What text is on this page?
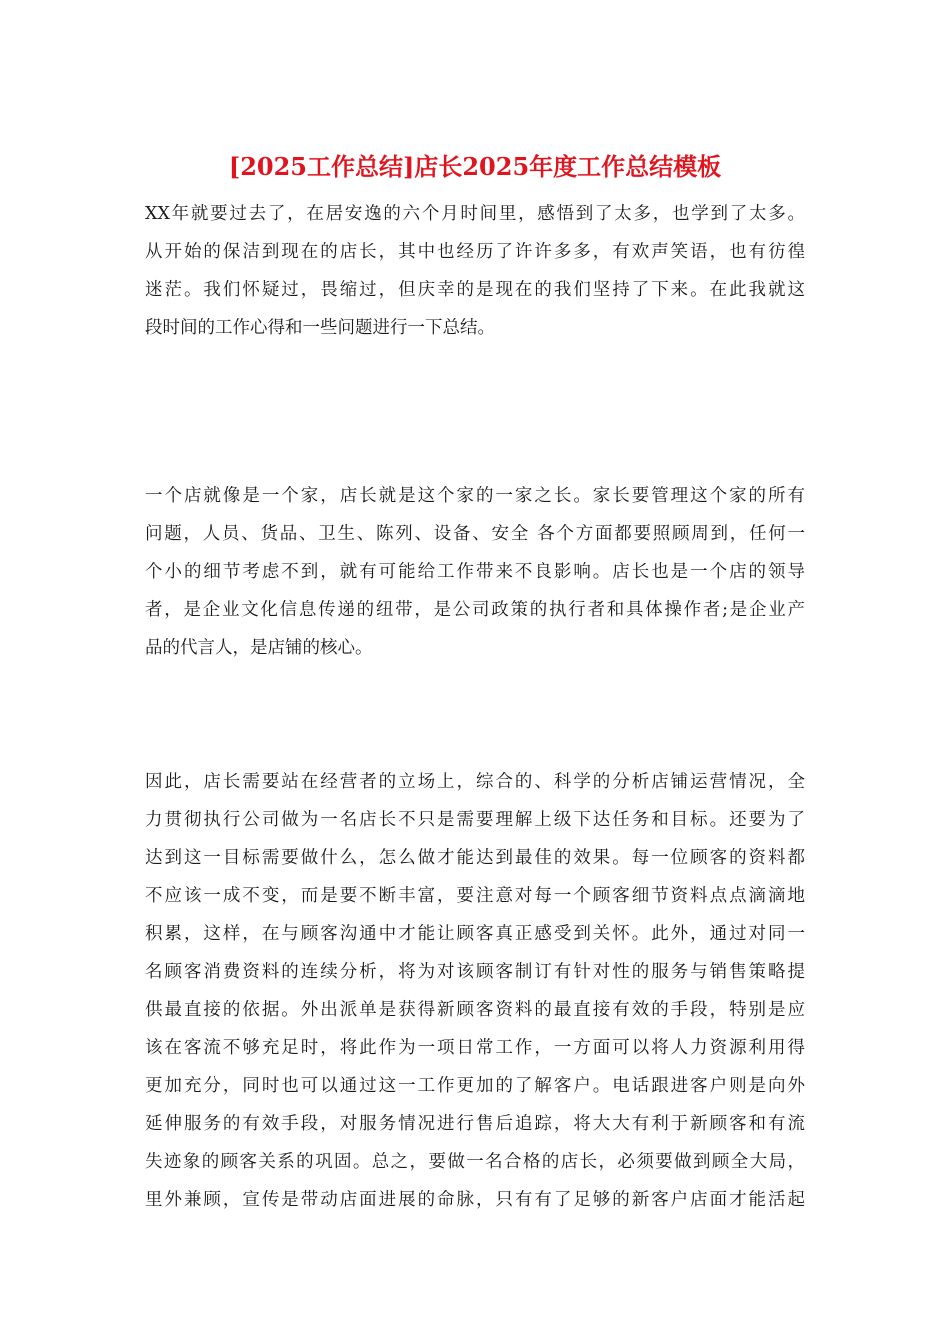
[2025工作总结]店长2025年度工作总结模板
XX年就要过去了，在居安逸的六个月时间里，感悟到了太多，也学到了太多。
从开始的保洁到现在的店长，其中也经历了许许多多，有欢声笑语，也有彷徨
迷茫。我们怀疑过，畏缩过，但庆幸的是现在的我们坚持了下来。在此我就这
段时间的工作心得和一些问题进行一下总结。
一个店就像是一个家，店长就是这个家的一家之长。家长要管理这个家的所有
问题，人员、货品、卫生、陈列、设备、安全 各个方面都要照顾周到，任何一
个小的细节考虑不到，就有可能给工作带来不良影响。店长也是一个店的领导
者，是企业文化信息传递的纽带，是公司政策的执行者和具体操作者;是企业产
品的代言人，是店铺的核心。
因此，店长需要站在经营者的立场上，综合的、科学的分析店铺运营情况，全
力贯彻执行公司做为一名店长不只是需要理解上级下达任务和目标。还要为了
达到这一目标需要做什么，怎么做才能达到最佳的效果。每一位顾客的资料都
不应该一成不变，而是要不断丰富，要注意对每一个顾客细节资料点点滴滴地
积累，这样，在与顾客沟通中才能让顾客真正感受到关怀。此外，通过对同一
名顾客消费资料的连续分析，将为对该顾客制订有针对性的服务与销售策略提
供最直接的依据。外出派单是获得新顾客资料的最直接有效的手段，特别是应
该在客流不够充足时，将此作为一项日常工作，一方面可以将人力资源利用得
更加充分，同时也可以通过这一工作更加的了解客户。电话跟进客户则是向外
延伸服务的有效手段，对服务情况进行售后追踪，将大大有利于新顾客和有流
失迹象的顾客关系的巩固。总之，要做一名合格的店长，必须要做到顾全大局，
里外兼顾，宣传是带动店面进展的命脉，只有有了足够的新客户店面才能活起
